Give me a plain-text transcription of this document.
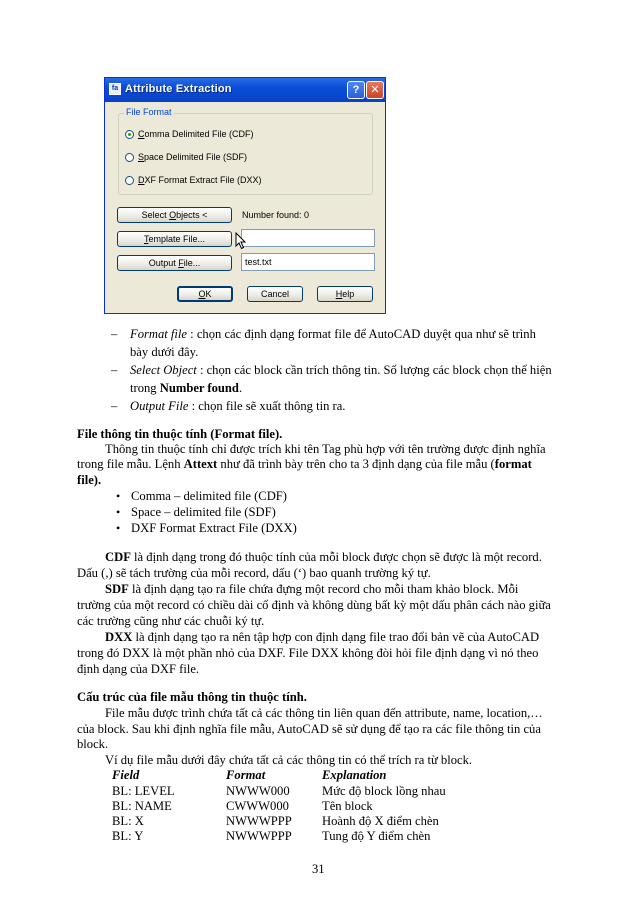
fa Attribute Extraction	?	✕
File Format
Comma Delimited File (CDF)
Space Delimited File (SDF)
DXF Format Extract File (DXX)
Select Objects <	Number found: 0
Template File...
Output File...	test.txt
OK	Cancel	Help
– Format file : chọn các định dạng format file để AutoCAD duyệt qua như sẽ trình
bày dưới đây.
– Select Object : chọn các block cần trích thông tin. Số lượng các block chọn thể hiện
trong Number found.
– Output File : chọn file sẽ xuất thông tin ra.
File thông tin thuộc tính (Format file).
Thông tin thuộc tính chỉ được trích khi tên Tag phù hợp với tên trường được định nghĩa
trong file mẫu. Lệnh Attext như đã trình bày trên cho ta 3 định dạng của file mẫu (format
file).
• Comma – delimited file (CDF)
• Space – delimited file (SDF)
• DXF Format Extract File (DXX)
CDF là định dạng trong đó thuộc tính của mỗi block được chọn sẽ được là một record.
Dấu (,) sẽ tách trường của mỗi record, dấu (‘) bao quanh trường ký tự.
SDF là định dạng tạo ra file chứa đựng một record cho mỗi tham khảo block. Mỗi
trường của một record có chiều dài cố định và không dùng bất kỳ một dấu phân cách nào giữa
các trường cũng như các chuỗi ký tự.
DXX là định dạng tạo ra nên tập hợp con định dạng file trao đổi bản vẽ của AutoCAD
trong đó DXX là một phần nhỏ của DXF. File DXX không đòi hỏi file định dạng vì nó theo
định dạng của DXF file.
Cấu trúc của file mẫu thông tin thuộc tính.
File mẫu được trình chứa tất cả các thông tin liên quan đến attribute, name, location,…
của block. Sau khi định nghĩa file mẫu, AutoCAD sẽ sử dụng để tạo ra các file thông tin của
block.
Ví dụ file mẫu dưới đây chứa tất cả các thông tin có thể trích ra từ block.
Field	Format	Explanation
BL: LEVEL	NWWW000	Mức độ block lồng nhau
BL: NAME	CWWW000	Tên block
BL: X	NWWWPPP Hoành độ X điểm chèn
BL: Y	NWWWPPP Tung độ Y điểm chèn
31
